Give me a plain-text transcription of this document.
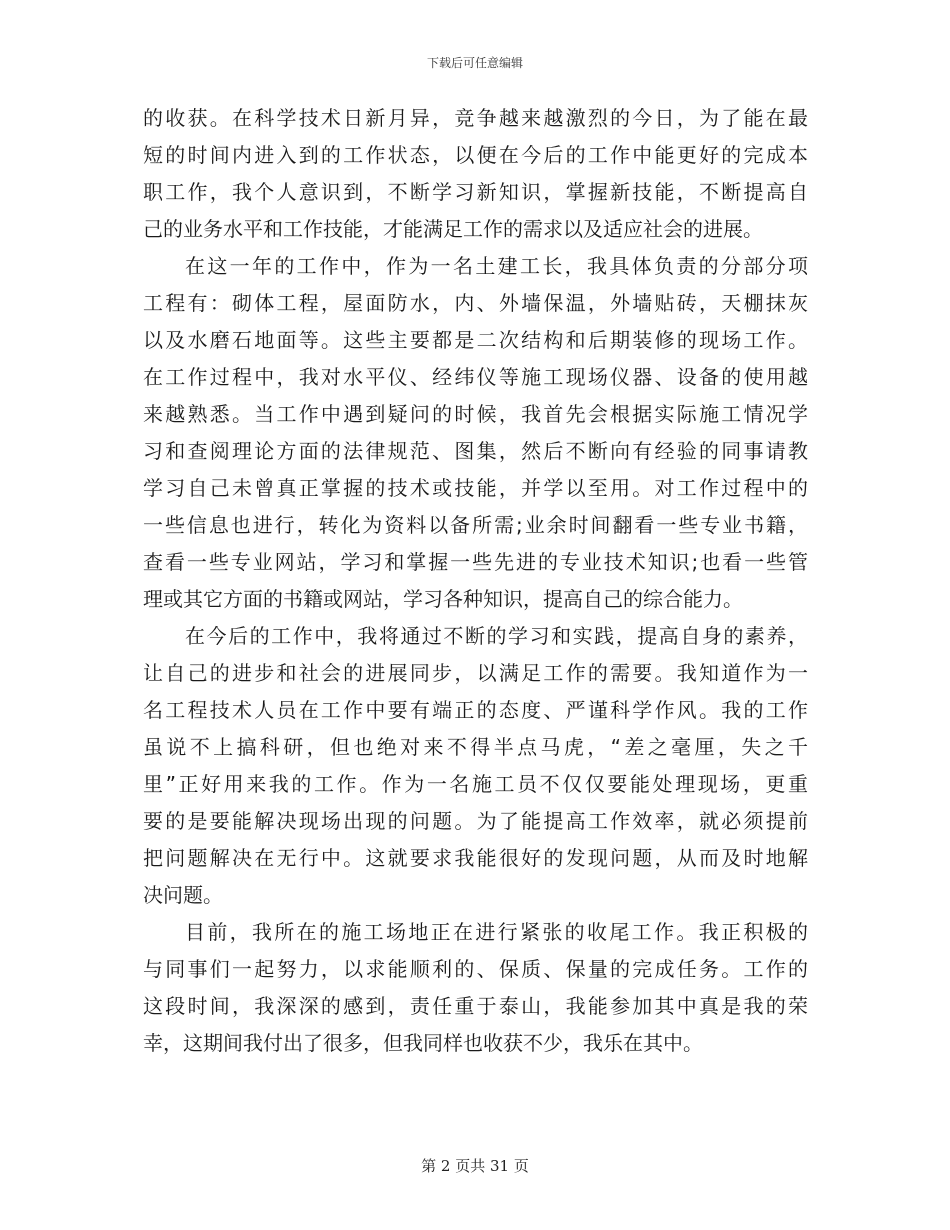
下载后可任意编辑
的收获。在科学技术日新月异，竞争越来越激烈的今日，为了能在最
短的时间内进入到的工作状态，以便在今后的工作中能更好的完成本
职工作，我个人意识到，不断学习新知识，掌握新技能，不断提高自
己的业务水平和工作技能，才能满足工作的需求以及适应社会的进展。
在这一年的工作中，作为一名土建工长，我具体负责的分部分项
工程有：砌体工程，屋面防水，内、外墙保温，外墙贴砖，天棚抹灰
以及水磨石地面等。这些主要都是二次结构和后期装修的现场工作。
在工作过程中，我对水平仪、经纬仪等施工现场仪器、设备的使用越
来越熟悉。当工作中遇到疑问的时候，我首先会根据实际施工情况学
习和查阅理论方面的法律规范、图集，然后不断向有经验的同事请教
学习自己未曾真正掌握的技术或技能，并学以至用。对工作过程中的
一些信息也进行，转化为资料以备所需;业余时间翻看一些专业书籍，
查看一些专业网站，学习和掌握一些先进的专业技术知识;也看一些管
理或其它方面的书籍或网站，学习各种知识，提高自己的综合能力。
在今后的工作中，我将通过不断的学习和实践，提高自身的素养，
让自己的进步和社会的进展同步，以满足工作的需要。我知道作为一
名工程技术人员在工作中要有端正的态度、严谨科学作风。我的工作
虽说不上搞科研，但也绝对来不得半点马虎，“差之毫厘，失之千
里”正好用来我的工作。作为一名施工员不仅仅要能处理现场，更重
要的是要能解决现场出现的问题。为了能提高工作效率，就必须提前
把问题解决在无行中。这就要求我能很好的发现问题，从而及时地解
决问题。
目前，我所在的施工场地正在进行紧张的收尾工作。我正积极的
与同事们一起努力，以求能顺利的、保质、保量的完成任务。工作的
这段时间，我深深的感到，责任重于泰山，我能参加其中真是我的荣
幸，这期间我付出了很多，但我同样也收获不少，我乐在其中。
第 2 页共 31 页
